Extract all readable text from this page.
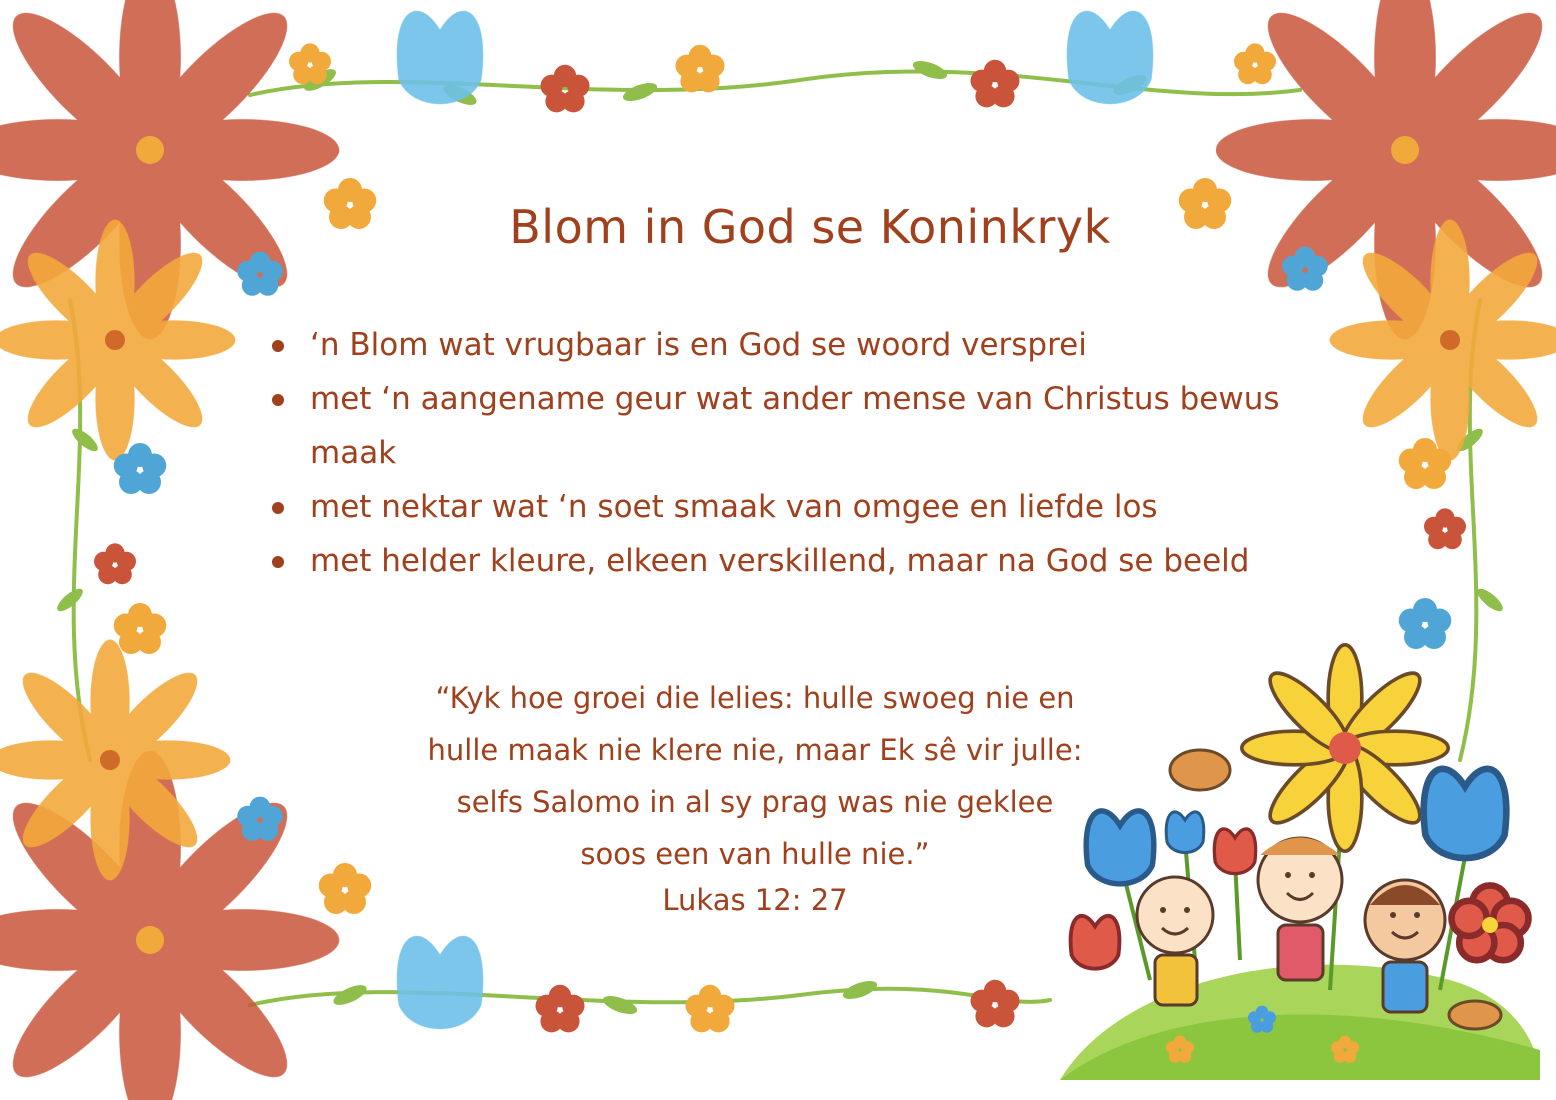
Blom in God se Koninkryk
‘n Blom wat vrugbaar is en God se woord versprei
met ‘n aangename geur wat ander mense van Christus bewus maak
met nektar wat ‘n soet smaak van omgee en liefde los
met helder kleure, elkeen verskillend, maar na God se beeld
“Kyk hoe groei die lelies: hulle swoeg nie en hulle maak nie klere nie, maar Ek sê vir julle: selfs Salomo in al sy prag was nie geklee soos een van hulle nie.”
Lukas 12: 27
